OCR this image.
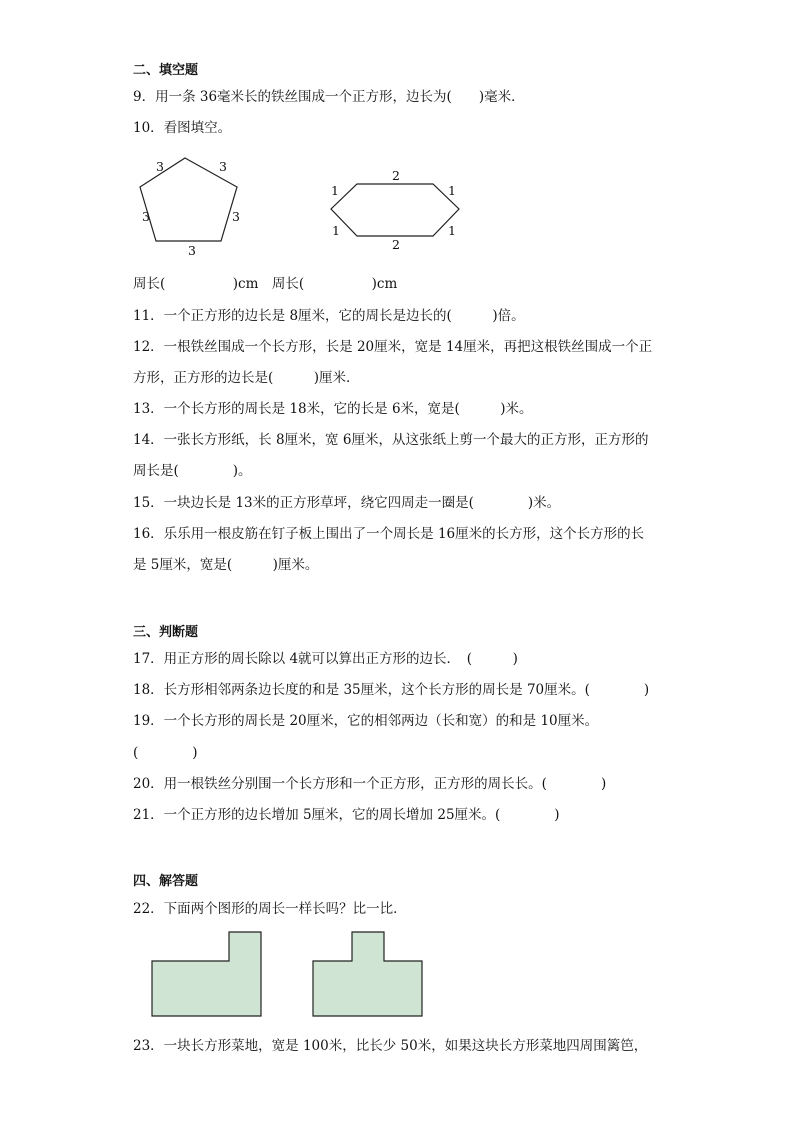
二、填空题
9．用一条 36毫米长的铁丝围成一个正方形，边长为(　　)毫米．
10．看图填空。
3	3
3	3
3
2
1	1
2
1	1
周长(　　　　　)cm　周长(　　　　　)cm
11．一个正方形的边长是 8厘米，它的周长是边长的(　　　)倍。
12．一根铁丝围成一个长方形，长是 20厘米，宽是 14厘米，再把这根铁丝围成一个正
方形，正方形的边长是(　　　)厘米．
13．一个长方形的周长是 18米，它的长是 6米，宽是(　　　)米。
14．一张长方形纸，长 8厘米，宽 6厘米，从这张纸上剪一个最大的正方形，正方形的
周长是(　　　　)。
15．一块边长是 13米的正方形草坪，绕它四周走一圈是(　　　　)米。
16．乐乐用一根皮筋在钉子板上围出了一个周长是 16厘米的长方形，这个长方形的长
是 5厘米，宽是(　　　)厘米。
三、判断题
17．用正方形的周长除以 4就可以算出正方形的边长．　(　　　)
18．长方形相邻两条边长度的和是 35厘米，这个长方形的周长是 70厘米。(　　　　)
19．一个长方形的周长是 20厘米，它的相邻两边（长和宽）的和是 10厘米。
(　　　　)
20．用一根铁丝分别围一个长方形和一个正方形，正方形的周长长。(　　　　)
21．一个正方形的边长增加 5厘米，它的周长增加 25厘米。(　　　　)
四、解答题
22．下面两个图形的周长一样长吗？比一比．
23．一块长方形菜地，宽是 100米，比长少 50米，如果这块长方形菜地四周围篱笆，
